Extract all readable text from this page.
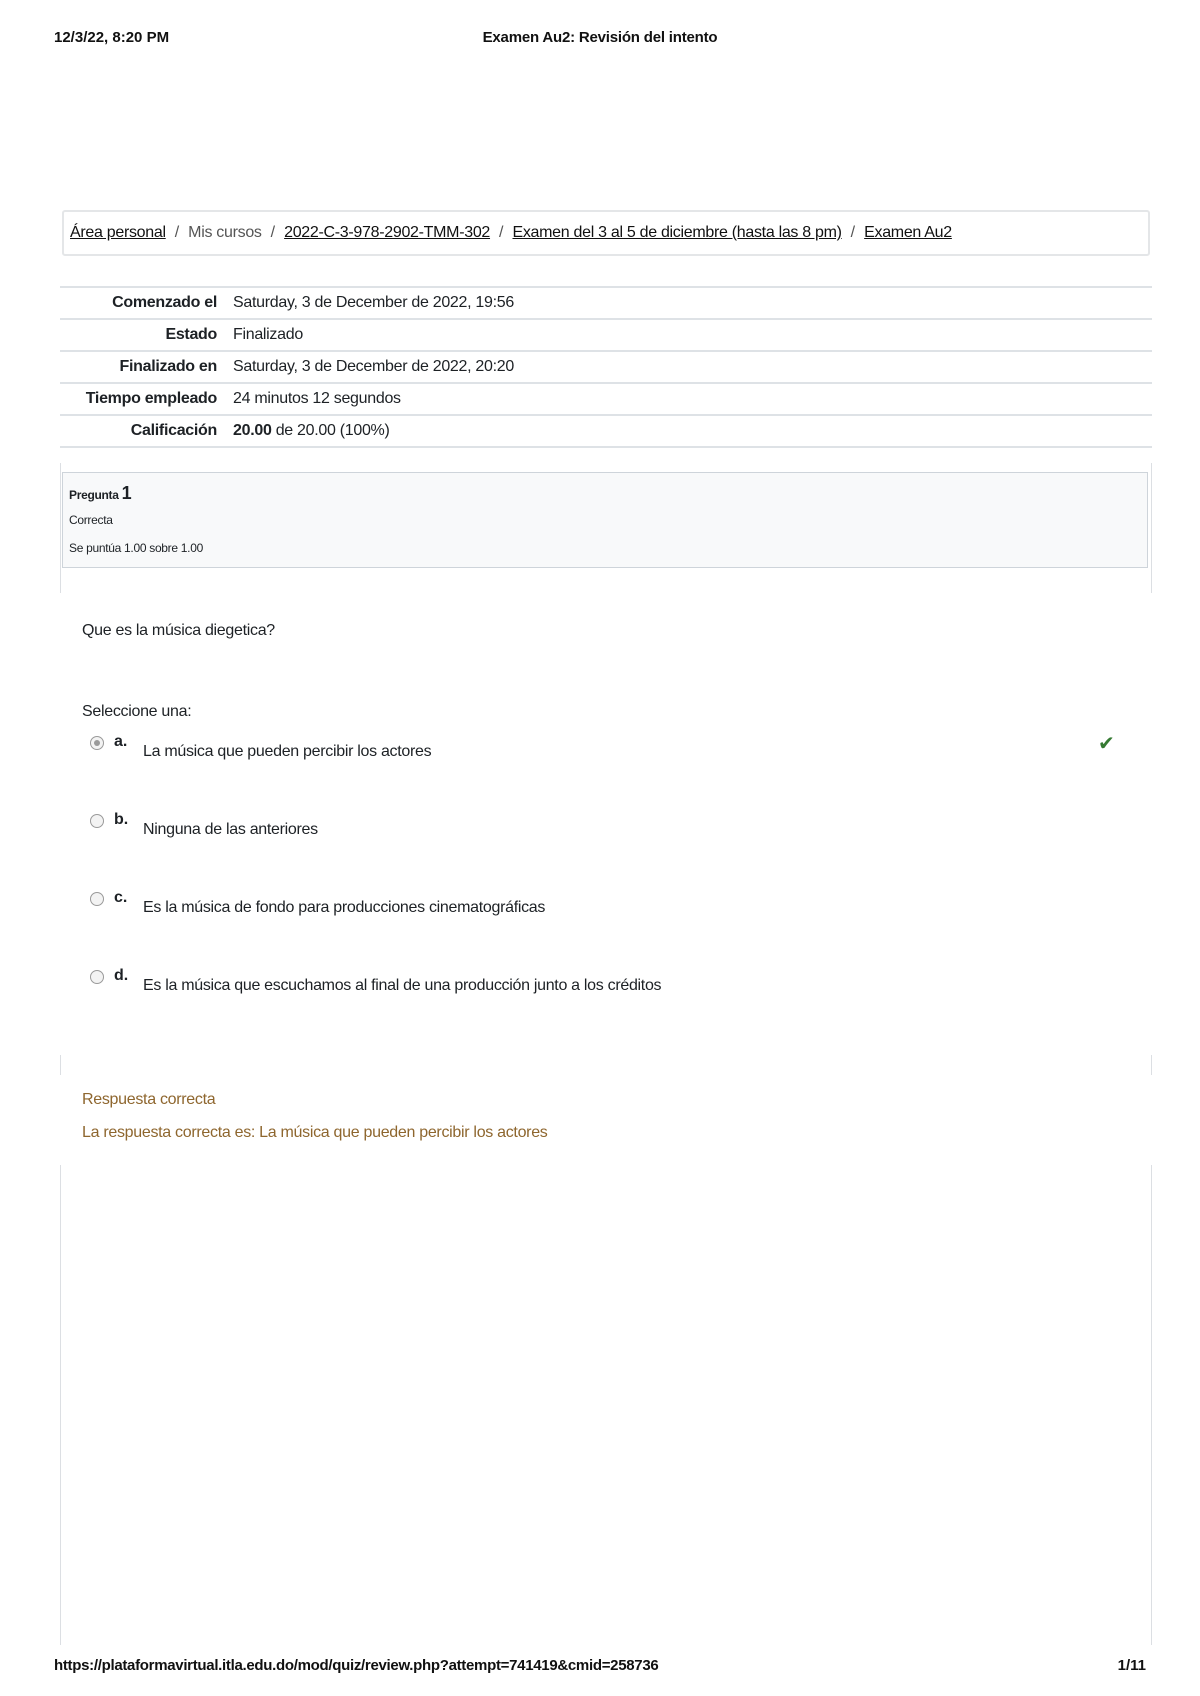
12/3/22, 8:20 PM	Examen Au2: Revisión del intento
Área personal / Mis cursos / 2022-C-3-978-2902-TMM-302 / Examen del 3 al 5 de diciembre (hasta las 8 pm) / Examen Au2
Comenzado el	Saturday, 3 de December de 2022, 19:56
Estado	Finalizado
Finalizado en	Saturday, 3 de December de 2022, 20:20
Tiempo empleado	24 minutos 12 segundos
Calificación	20.00 de 20.00 (100%)
Pregunta 1
Correcta
Se puntúa 1.00 sobre 1.00
Que es la música diegetica?
Seleccione una:
a.
La música que pueden percibir los actores	✔
b.
Ninguna de las anteriores
c.
Es la música de fondo para producciones cinematográficas
d.
Es la música que escuchamos al final de una producción junto a los créditos
Respuesta correcta
La respuesta correcta es: La música que pueden percibir los actores
https://plataformavirtual.itla.edu.do/mod/quiz/review.php?attempt=741419&cmid=258736	1/11
